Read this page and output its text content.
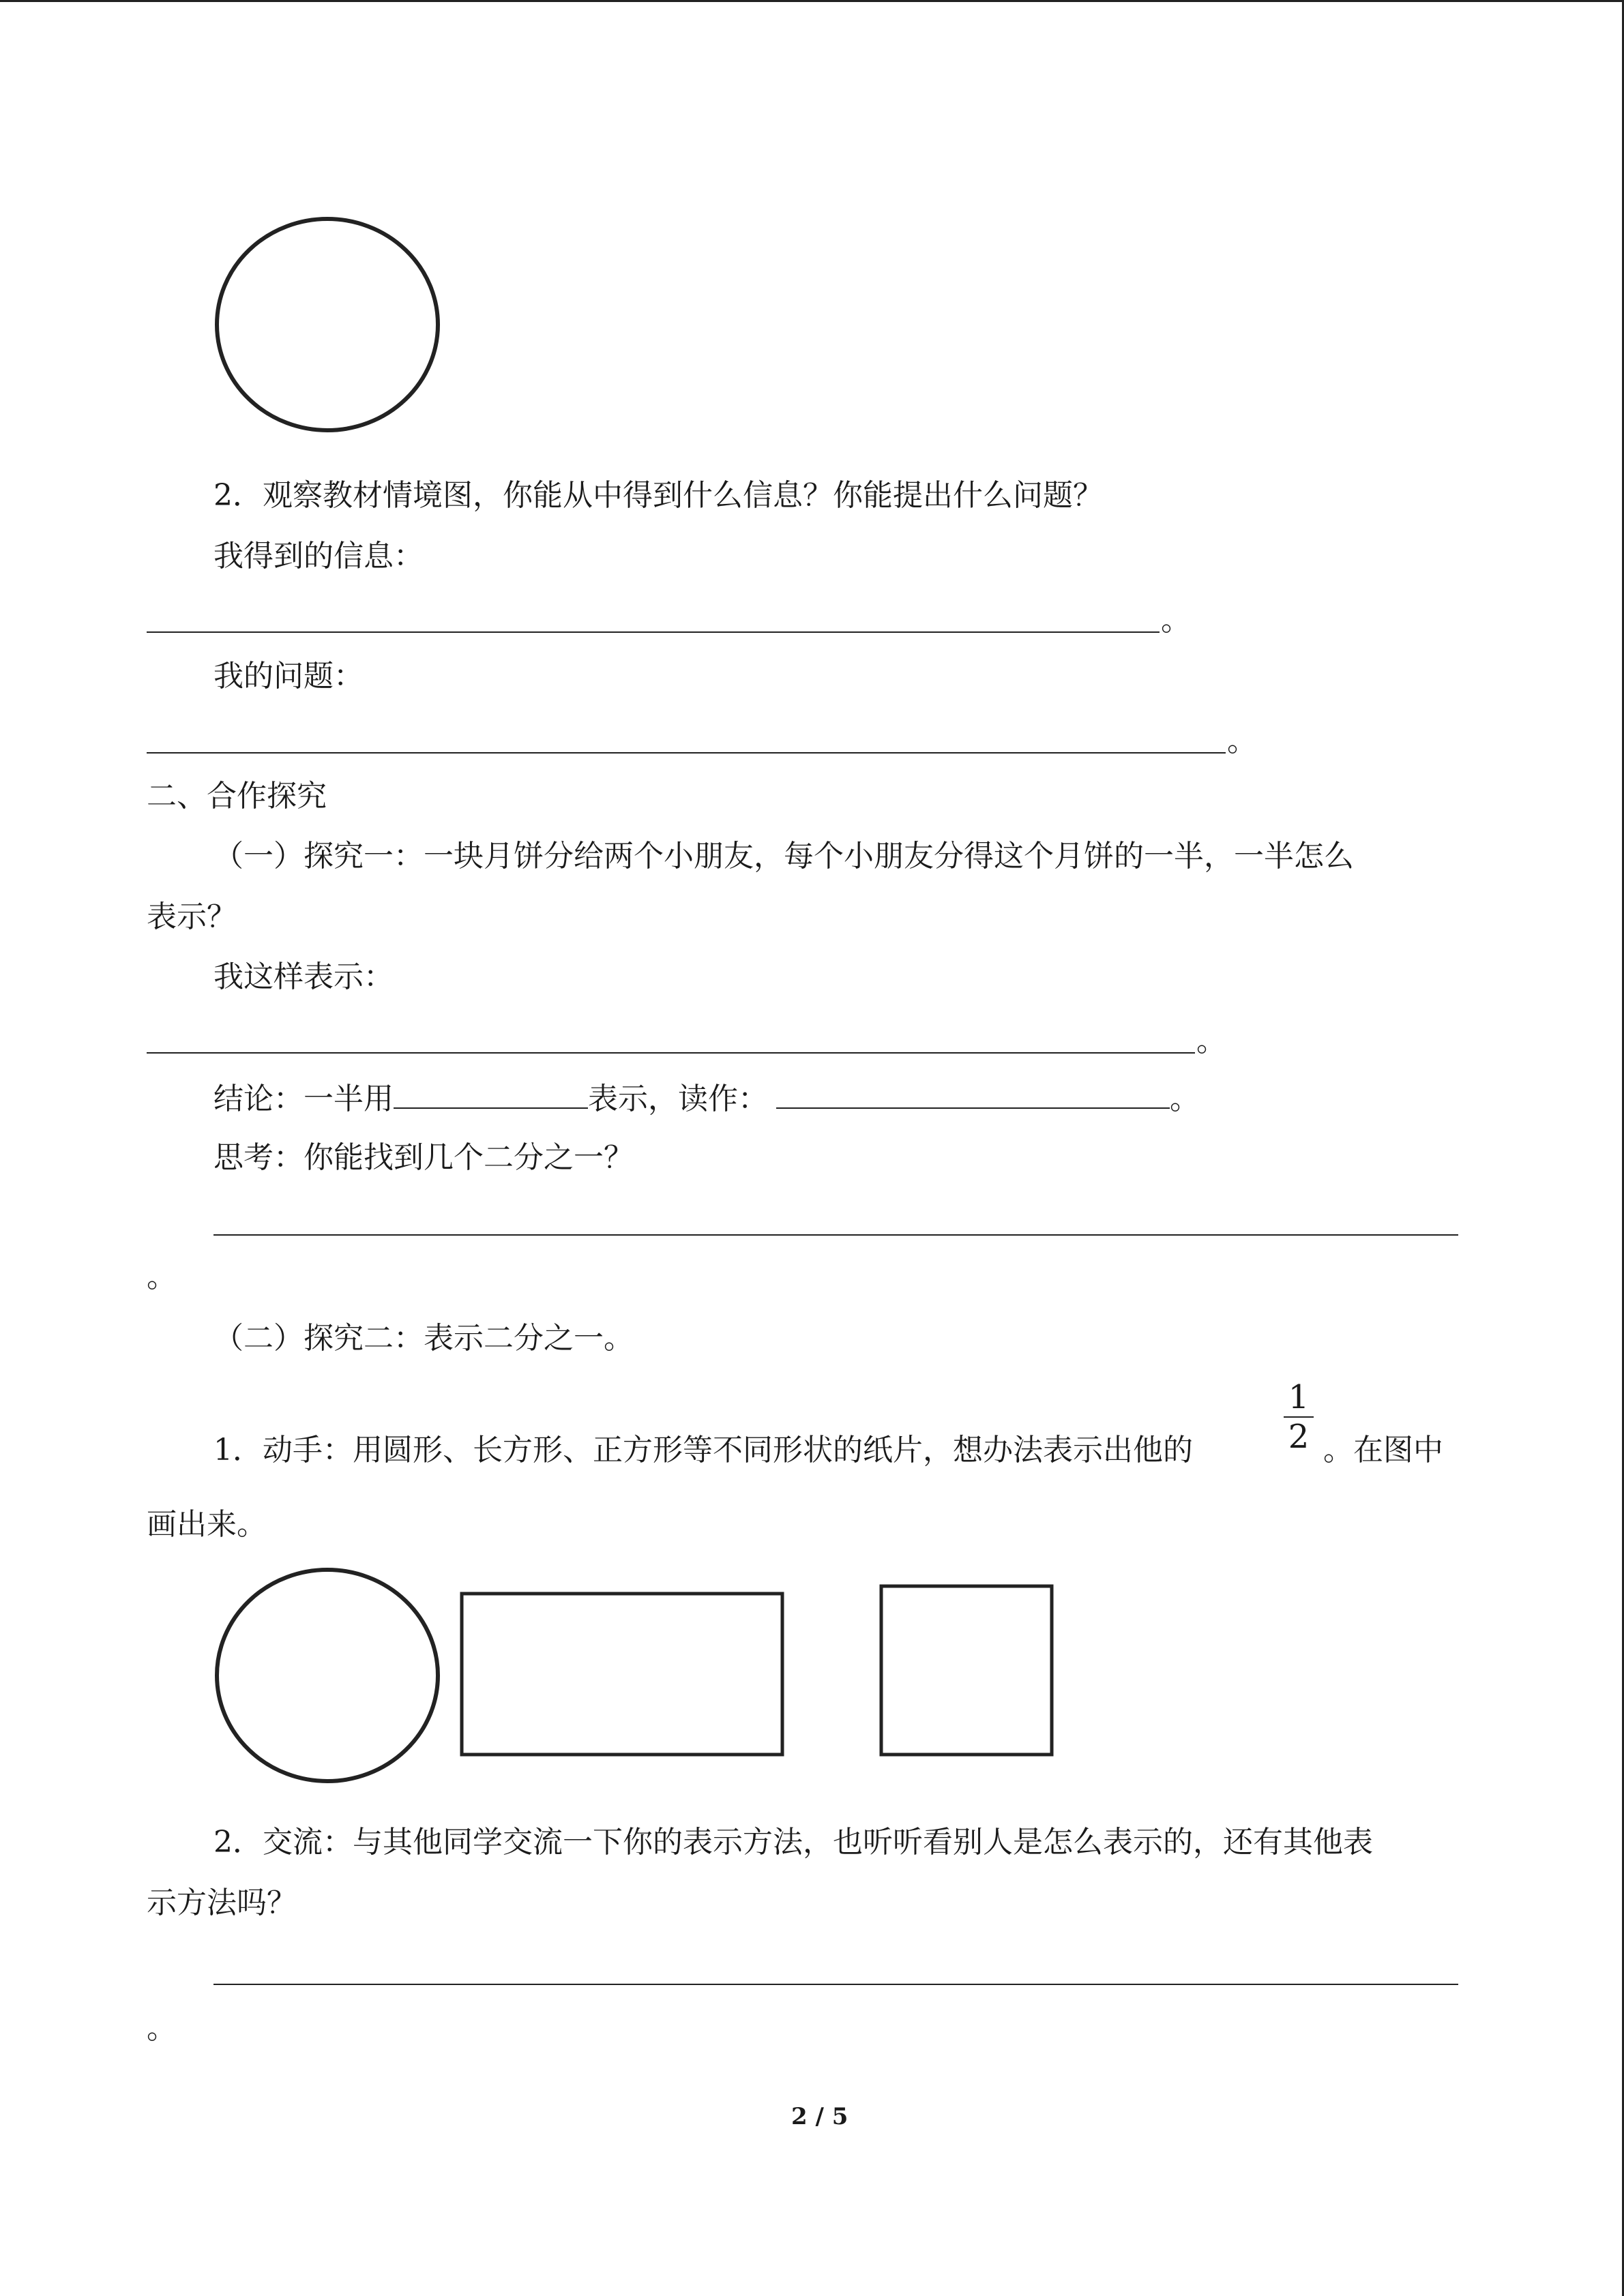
2．观察教材情境图，你能从中得到什么信息？你能提出什么问题？
我得到的信息：
。
我的问题：
。
二、合作探究
（一）探究一：一块月饼分给两个小朋友，每个小朋友分得这个月饼的一半，一半怎么
表示？
我这样表示：
。
结论：一半用	表示，读作：	。
思考：你能找到几个二分之一？
。
（二）探究二：表示二分之一。
1．动手：用圆形、长方形、正方形等不同形状的纸片，想办法表示出他的
1
2 。在图中
画出来。
2．交流：与其他同学交流一下你的表示方法，也听听看别人是怎么表示的，还有其他表
示方法吗？
。
2 / 5
